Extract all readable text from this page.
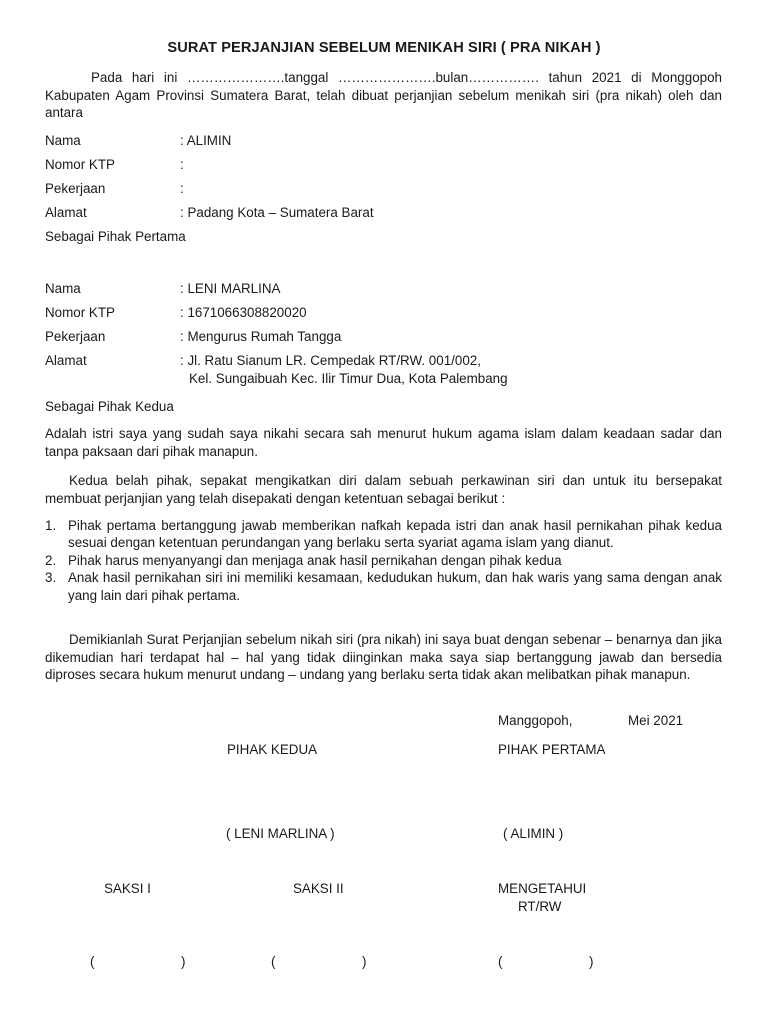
SURAT PERJANJIAN SEBELUM MENIKAH SIRI ( PRA NIKAH )

Pada hari ini ………………….tanggal ………………….bulan……………. tahun 2021 di Monggopoh Kabupaten Agam Provinsi Sumatera Barat, telah dibuat perjanjian sebelum menikah siri (pra nikah) oleh dan antara

Nama	: ALIMIN
Nomor KTP	:
Pekerjaan	:
Alamat	: Padang Kota – Sumatera Barat
Sebagai Pihak Pertama
Nama	: LENI MARLINA
Nomor KTP	: 1671066308820020
Pekerjaan	: Mengurus Rumah Tangga
Alamat	: Jl. Ratu Sianum LR. Cempedak RT/RW. 001/002,
Kel. Sungaibuah Kec. Ilir Timur Dua, Kota Palembang
Sebagai Pihak Kedua

Adalah istri saya yang sudah saya nikahi secara sah menurut hukum agama islam dalam keadaan sadar dan tanpa paksaan dari pihak manapun.

Kedua belah pihak, sepakat mengikatkan diri dalam sebuah perkawinan siri dan untuk itu bersepakat membuat perjanjian yang telah disepakati dengan ketentuan sebagai berikut :

1. Pihak pertama bertanggung jawab memberikan nafkah kepada istri dan anak hasil pernikahan pihak kedua sesuai dengan ketentuan perundangan yang berlaku serta syariat agama islam yang dianut.
2. Pihak harus menyanyangi dan menjaga anak hasil pernikahan dengan pihak kedua
3. Anak hasil pernikahan siri ini memiliki kesamaan, kedudukan hukum, dan hak waris yang sama dengan anak yang lain dari pihak pertama.

Demikianlah Surat Perjanjian sebelum nikah siri (pra nikah) ini saya buat dengan sebenar – benarnya dan jika dikemudian hari terdapat hal – hal yang tidak diinginkan maka saya siap bertanggung jawab dan bersedia diproses secara hukum menurut undang – undang yang berlaku serta tidak akan melibatkan pihak manapun.

Manggopoh,	Mei 2021
PIHAK KEDUA	PIHAK PERTAMA
( LENI MARLINA )	( ALIMIN )
SAKSI I	SAKSI II	MENGETAHUI
RT/RW
(	)	(	)	(	)
